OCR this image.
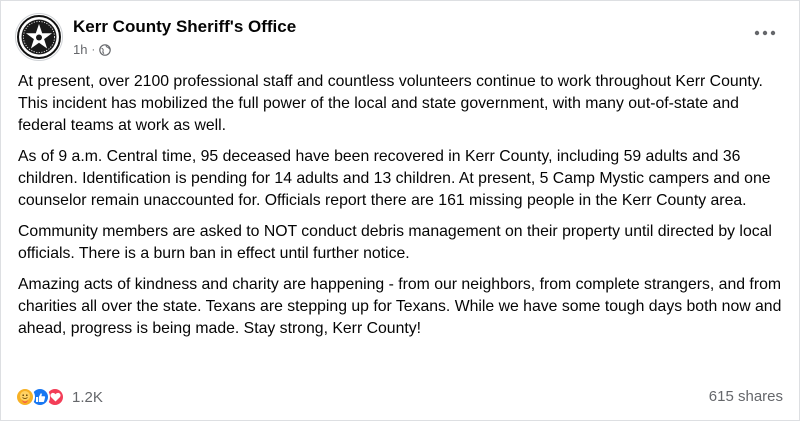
Kerr County Sheriff's Office
1h ·

At present, over 2100 professional staff and countless volunteers continue to work throughout Kerr County. This incident has mobilized the full power of the local and state government, with many out-of-state and federal teams at work as well.

As of 9 a.m. Central time, 95 deceased have been recovered in Kerr County, including 59 adults and 36 children. Identification is pending for 14 adults and 13 children. At present, 5 Camp Mystic campers and one counselor remain unaccounted for. Officials report there are 161 missing people in the Kerr County area.

Community members are asked to NOT conduct debris management on their property until directed by local officials. There is a burn ban in effect until further notice.

Amazing acts of kindness and charity are happening - from our neighbors, from complete strangers, and from charities all over the state. Texans are stepping up for Texans. While we have some tough days both now and ahead, progress is being made. Stay strong, Kerr County!

1.2K	615 shares
